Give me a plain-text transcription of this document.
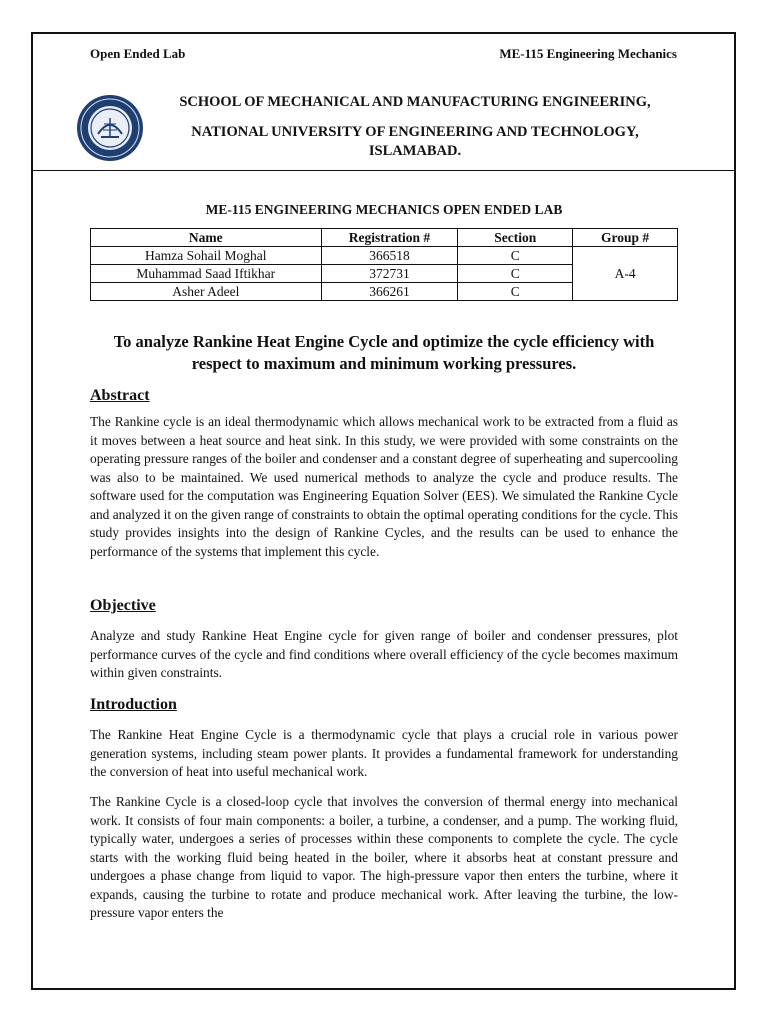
Open Ended Lab	ME-115 Engineering Mechanics
SCHOOL OF MECHANICAL AND MANUFACTURING ENGINEERING,
NATIONAL UNIVERSITY OF ENGINEERING AND TECHNOLOGY, ISLAMABAD.
ME-115 ENGINEERING MECHANICS OPEN ENDED LAB
Name	Registration #	Section	Group #
Hamza Sohail Moghal	366518	C	A-4
Muhammad Saad Iftikhar	372731	C	
Asher Adeel	366261	C	
To analyze Rankine Heat Engine Cycle and optimize the cycle efficiency with respect to maximum and minimum working pressures.
Abstract
The Rankine cycle is an ideal thermodynamic which allows mechanical work to be extracted from a fluid as it moves between a heat source and heat sink. In this study, we were provided with some constraints on the operating pressure ranges of the boiler and condenser and a constant degree of superheating and supercooling was also to be maintained. We used numerical methods to analyze the cycle and produce results. The software used for the computation was Engineering Equation Solver (EES). We simulated the Rankine Cycle and analyzed it on the given range of constraints to obtain the optimal operating conditions for the cycle. This study provides insights into the design of Rankine Cycles, and the results can be used to enhance the performance of the systems that implement this cycle.
Objective
Analyze and study Rankine Heat Engine cycle for given range of boiler and condenser pressures, plot performance curves of the cycle and find conditions where overall efficiency of the cycle becomes maximum within given constraints.
Introduction
The Rankine Heat Engine Cycle is a thermodynamic cycle that plays a crucial role in various power generation systems, including steam power plants. It provides a fundamental framework for understanding the conversion of heat into useful mechanical work.
The Rankine Cycle is a closed-loop cycle that involves the conversion of thermal energy into mechanical work. It consists of four main components: a boiler, a turbine, a condenser, and a pump. The working fluid, typically water, undergoes a series of processes within these components to complete the cycle. The cycle starts with the working fluid being heated in the boiler, where it absorbs heat at constant pressure and undergoes a phase change from liquid to vapor. The high-pressure vapor then enters the turbine, where it expands, causing the turbine to rotate and produce mechanical work. After leaving the turbine, the low-pressure vapor enters the
